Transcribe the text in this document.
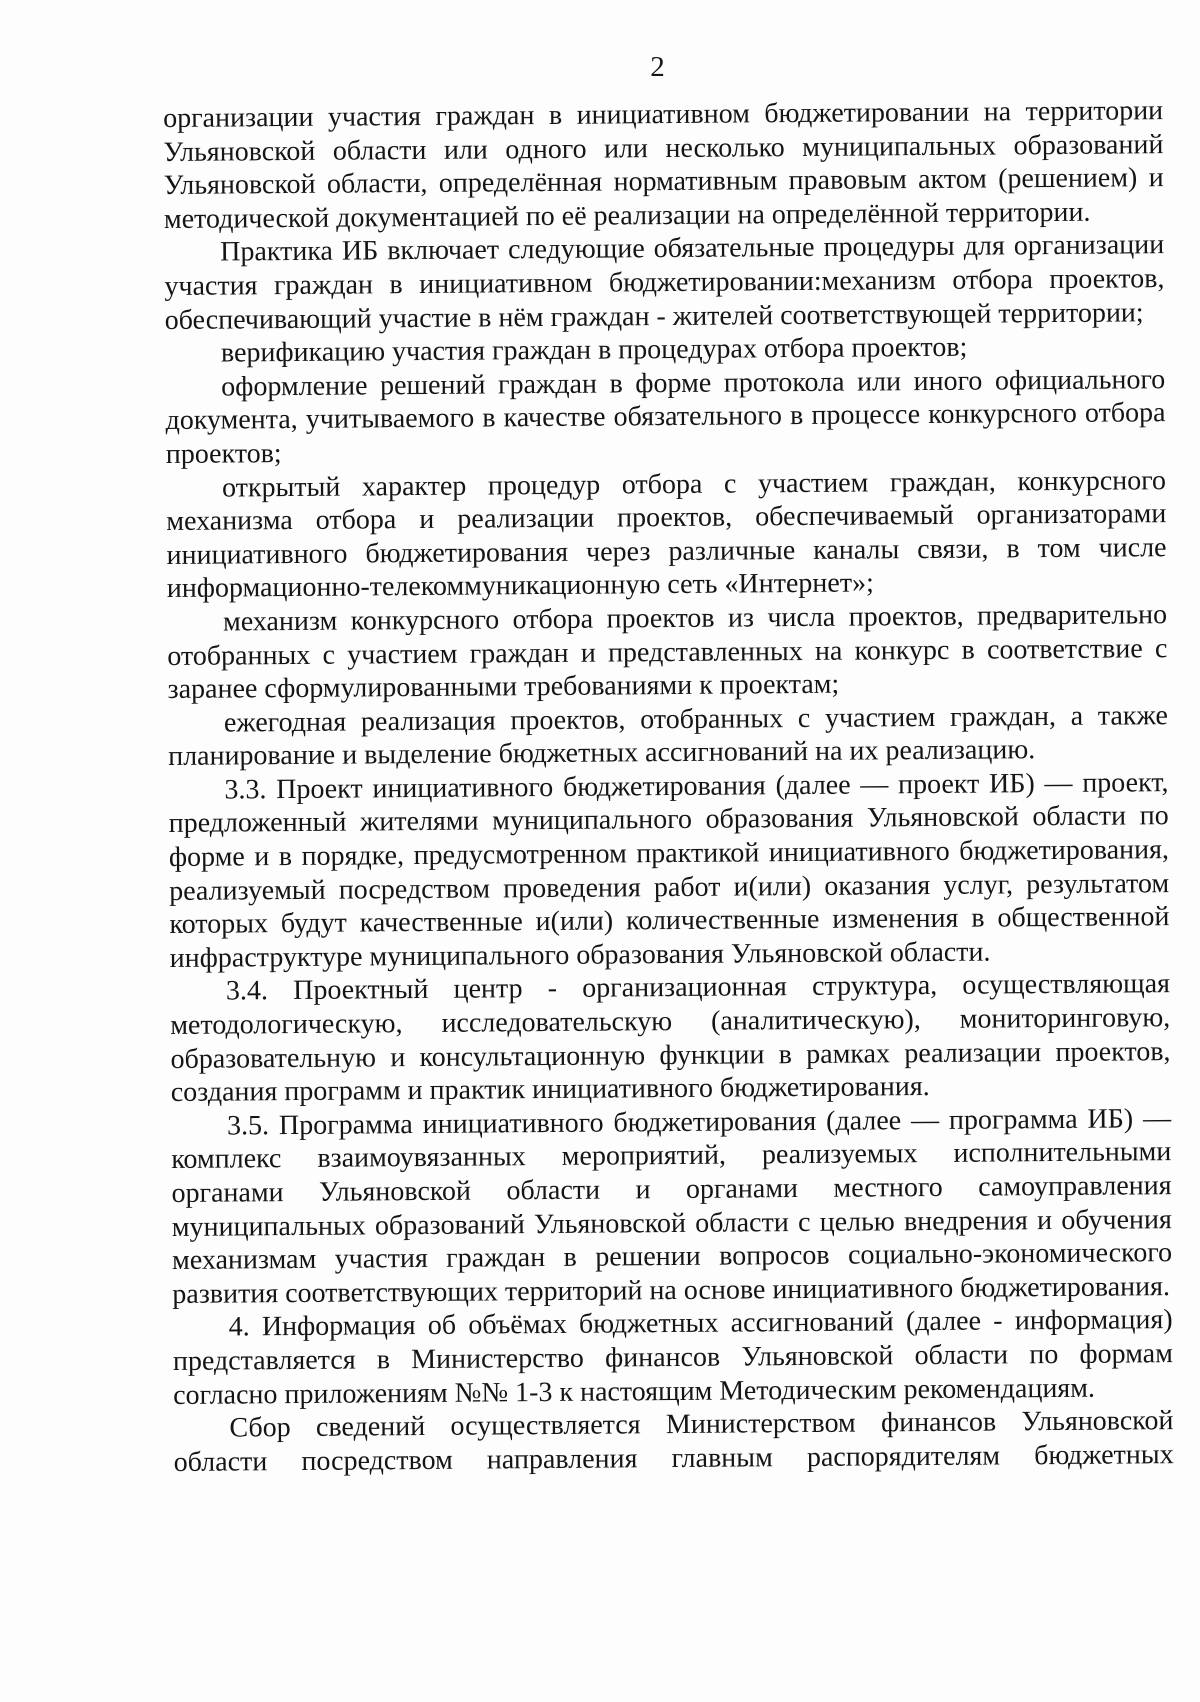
2

организации участия граждан в инициативном бюджетировании на территории Ульяновской области или одного или несколько муниципальных образований Ульяновской области, определённая нормативным правовым актом (решением) и методической документацией по её реализации на определённой территории.

Практика ИБ включает следующие обязательные процедуры для организации участия граждан в инициативном бюджетировании:механизм отбора проектов, обеспечивающий участие в нём граждан - жителей соответствующей территории;

верификацию участия граждан в процедурах отбора проектов;

оформление решений граждан в форме протокола или иного официального документа, учитываемого в качестве обязательного в процессе конкурсного отбора проектов;

открытый характер процедур отбора с участием граждан, конкурсного механизма отбора и реализации проектов, обеспечиваемый организаторами инициативного бюджетирования через различные каналы связи, в том числе информационно-телекоммуникационную сеть «Интернет»;

механизм конкурсного отбора проектов из числа проектов, предварительно отобранных с участием граждан и представленных на конкурс в соответствие с заранее сформулированными требованиями к проектам;

ежегодная реализация проектов, отобранных с участием граждан, а также планирование и выделение бюджетных ассигнований на их реализацию.

3.3. Проект инициативного бюджетирования (далее — проект ИБ) — проект, предложенный жителями муниципального образования Ульяновской области по форме и в порядке, предусмотренном практикой инициативного бюджетирования, реализуемый посредством проведения работ и(или) оказания услуг, результатом которых будут качественные и(или) количественные изменения в общественной инфраструктуре муниципального образования Ульяновской области.

3.4. Проектный центр - организационная структура, осуществляющая методологическую, исследовательскую (аналитическую), мониторинговую, образовательную и консультационную функции в рамках реализации проектов, создания программ и практик инициативного бюджетирования.

3.5. Программа инициативного бюджетирования (далее — программа ИБ) — комплекс взаимоувязанных мероприятий, реализуемых исполнительными органами Ульяновской области и органами местного самоуправления муниципальных образований Ульяновской области с целью внедрения и обучения механизмам участия граждан в решении вопросов социально-экономического развития соответствующих территорий на основе инициативного бюджетирования.

4. Информация об объёмах бюджетных ассигнований (далее - информация) представляется в Министерство финансов Ульяновской области по формам согласно приложениям №№ 1-3 к настоящим Методическим рекомендациям.

Сбор сведений осуществляется Министерством финансов Ульяновской области посредством направления главным распорядителям бюджетных
